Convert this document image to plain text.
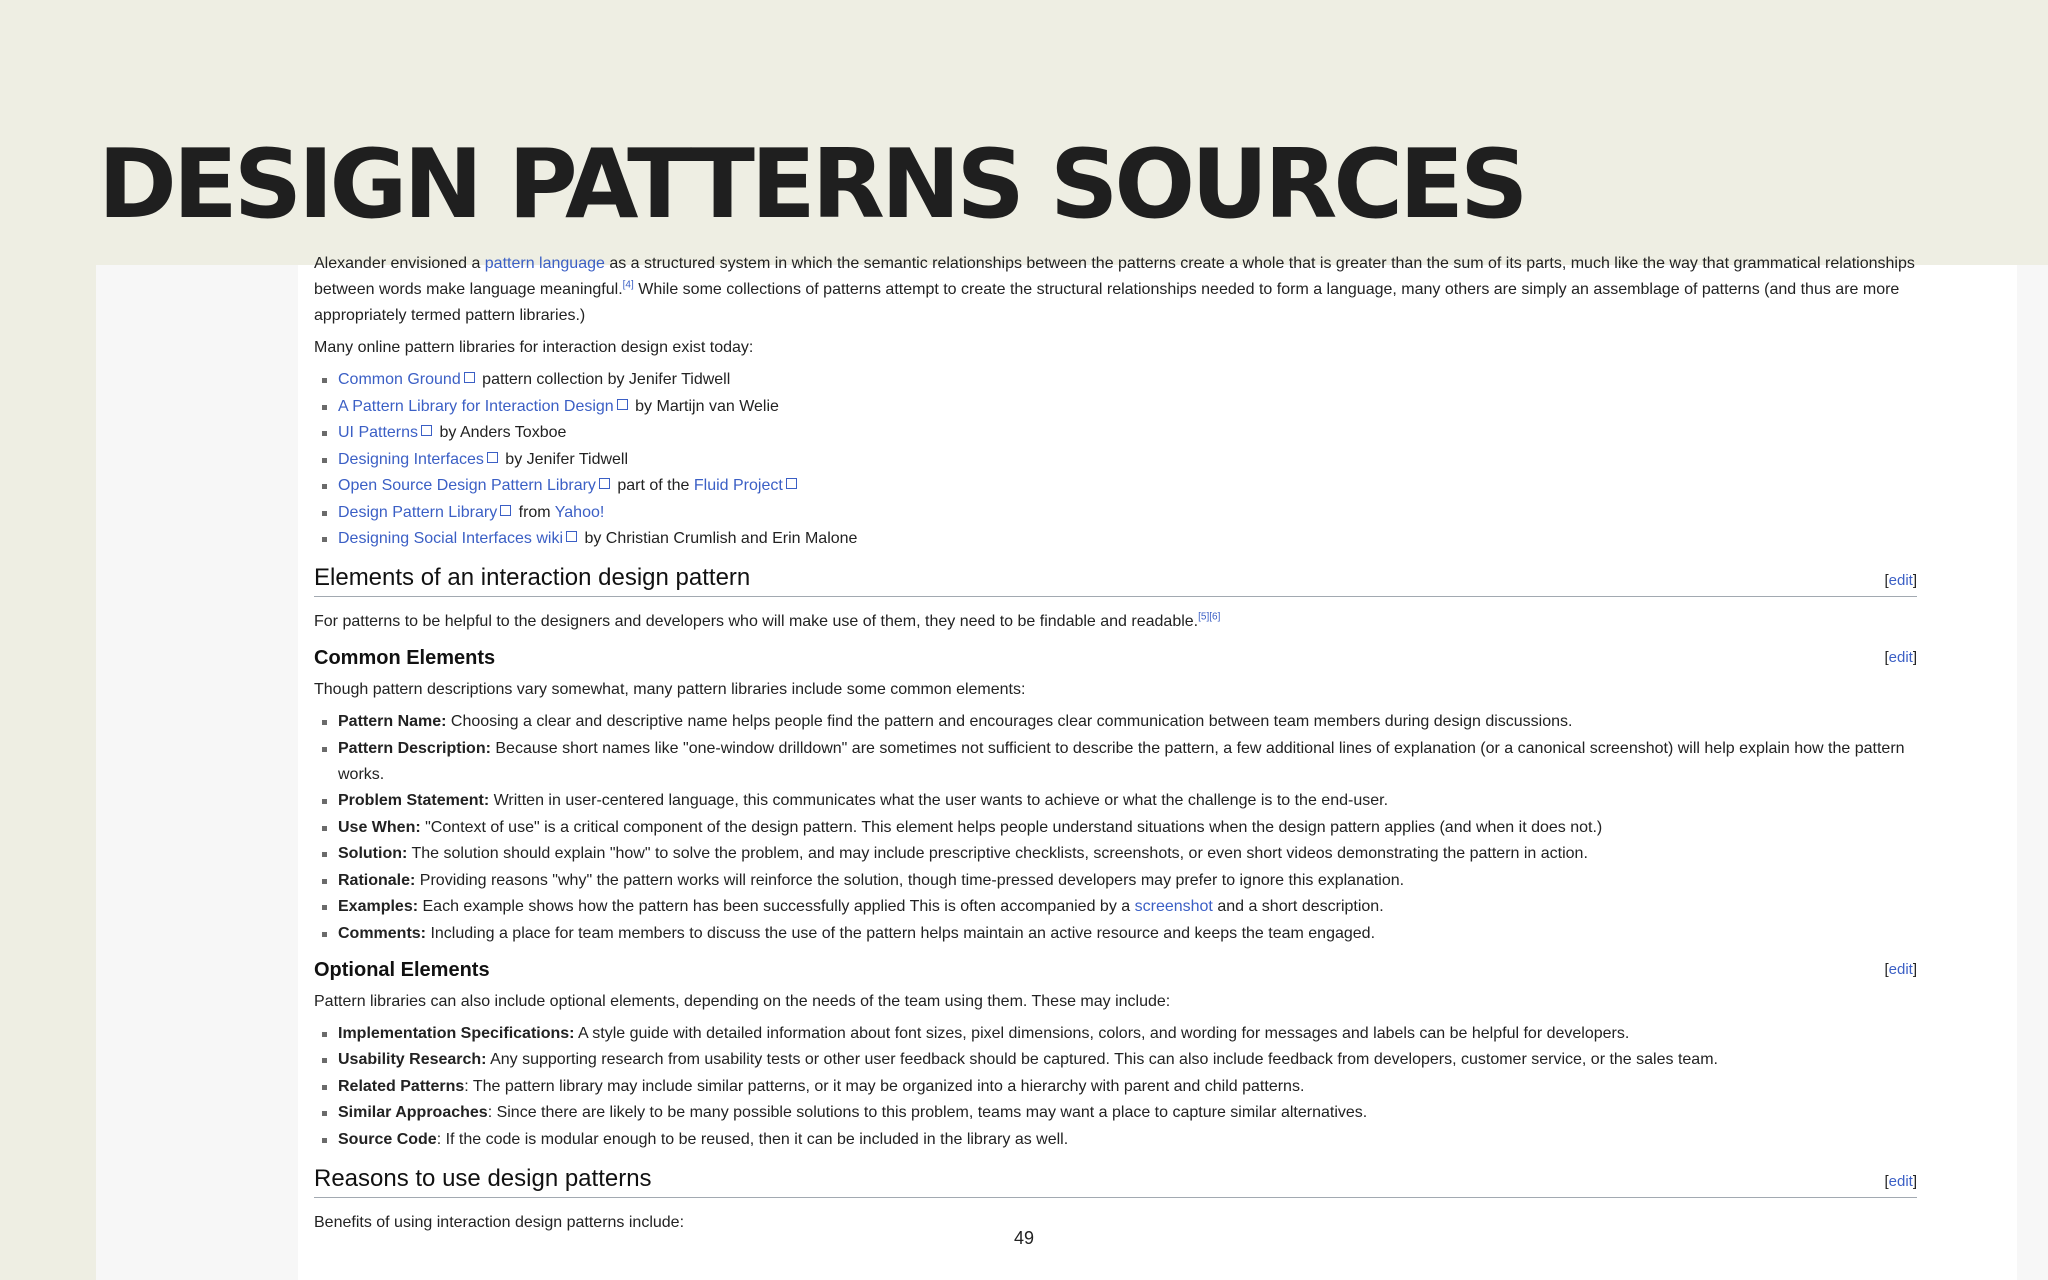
DESIGN PATTERNS SOURCES

Alexander envisioned a pattern language as a structured system in which the semantic relationships between the patterns create a whole that is greater than the sum of its parts, much like the way that grammatical relationships between words make language meaningful.[4] While some collections of patterns attempt to create the structural relationships needed to form a language, many others are simply an assemblage of patterns (and thus are more appropriately termed pattern libraries.)

Many online pattern libraries for interaction design exist today:

Common Ground pattern collection by Jenifer Tidwell
A Pattern Library for Interaction Design by Martijn van Welie
UI Patterns by Anders Toxboe
Designing Interfaces by Jenifer Tidwell
Open Source Design Pattern Library part of the Fluid Project
Design Pattern Library from Yahoo!
Designing Social Interfaces wiki by Christian Crumlish and Erin Malone
Elements of an interaction design pattern	[edit]

For patterns to be helpful to the designers and developers who will make use of them, they need to be findable and readable.[5][6]

Common Elements	[edit]

Though pattern descriptions vary somewhat, many pattern libraries include some common elements:

Pattern Name: Choosing a clear and descriptive name helps people find the pattern and encourages clear communication between team members during design discussions.
Pattern Description: Because short names like "one-window drilldown" are sometimes not sufficient to describe the pattern, a few additional lines of explanation (or a canonical screenshot) will help explain how the pattern works.
Problem Statement: Written in user-centered language, this communicates what the user wants to achieve or what the challenge is to the end-user.
Use When: "Context of use" is a critical component of the design pattern. This element helps people understand situations when the design pattern applies (and when it does not.)
Solution: The solution should explain "how" to solve the problem, and may include prescriptive checklists, screenshots, or even short videos demonstrating the pattern in action.
Rationale: Providing reasons "why" the pattern works will reinforce the solution, though time-pressed developers may prefer to ignore this explanation.
Examples: Each example shows how the pattern has been successfully applied This is often accompanied by a screenshot and a short description.
Comments: Including a place for team members to discuss the use of the pattern helps maintain an active resource and keeps the team engaged.
Optional Elements	[edit]

Pattern libraries can also include optional elements, depending on the needs of the team using them. These may include:

Implementation Specifications: A style guide with detailed information about font sizes, pixel dimensions, colors, and wording for messages and labels can be helpful for developers.
Usability Research: Any supporting research from usability tests or other user feedback should be captured. This can also include feedback from developers, customer service, or the sales team.
Related Patterns: The pattern library may include similar patterns, or it may be organized into a hierarchy with parent and child patterns.
Similar Approaches: Since there are likely to be many possible solutions to this problem, teams may want a place to capture similar alternatives.
Source Code: If the code is modular enough to be reused, then it can be included in the library as well.
Reasons to use design patterns	[edit]

Benefits of using interaction design patterns include:

49
